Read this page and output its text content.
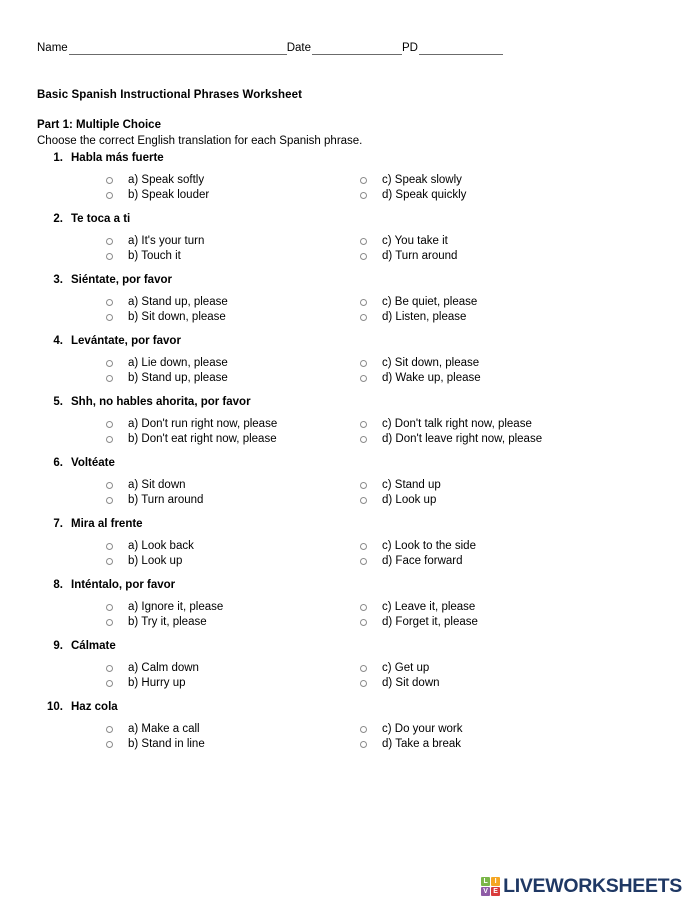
Name	Date	PD
Basic Spanish Instructional Phrases Worksheet
Part 1: Multiple Choice
Choose the correct English translation for each Spanish phrase.
1. Habla más fuerte
a) Speak softly
b) Speak louder
c) Speak slowly
d) Speak quickly
2. Te toca a ti
a) It's your turn
b) Touch it
c) You take it
d) Turn around
3. Siéntate, por favor
a) Stand up, please
b) Sit down, please
c) Be quiet, please
d) Listen, please
4. Levántate, por favor
a) Lie down, please
b) Stand up, please
c) Sit down, please
d) Wake up, please
5. Shh, no hables ahorita, por favor
a) Don't run right now, please
b) Don't eat right now, please
c) Don't talk right now, please
d) Don't leave right now, please
6. Voltéate
a) Sit down
b) Turn around
c) Stand up
d) Look up
7. Mira al frente
a) Look back
b) Look up
c) Look to the side
d) Face forward
8. Inténtalo, por favor
a) Ignore it, please
b) Try it, please
c) Leave it, please
d) Forget it, please
9. Cálmate
a) Calm down
b) Hurry up
c) Get up
d) Sit down
10. Haz cola
a) Make a call
b) Stand in line
c) Do your work
d) Take a break
L I
V E LIVEWORKSHEETS
